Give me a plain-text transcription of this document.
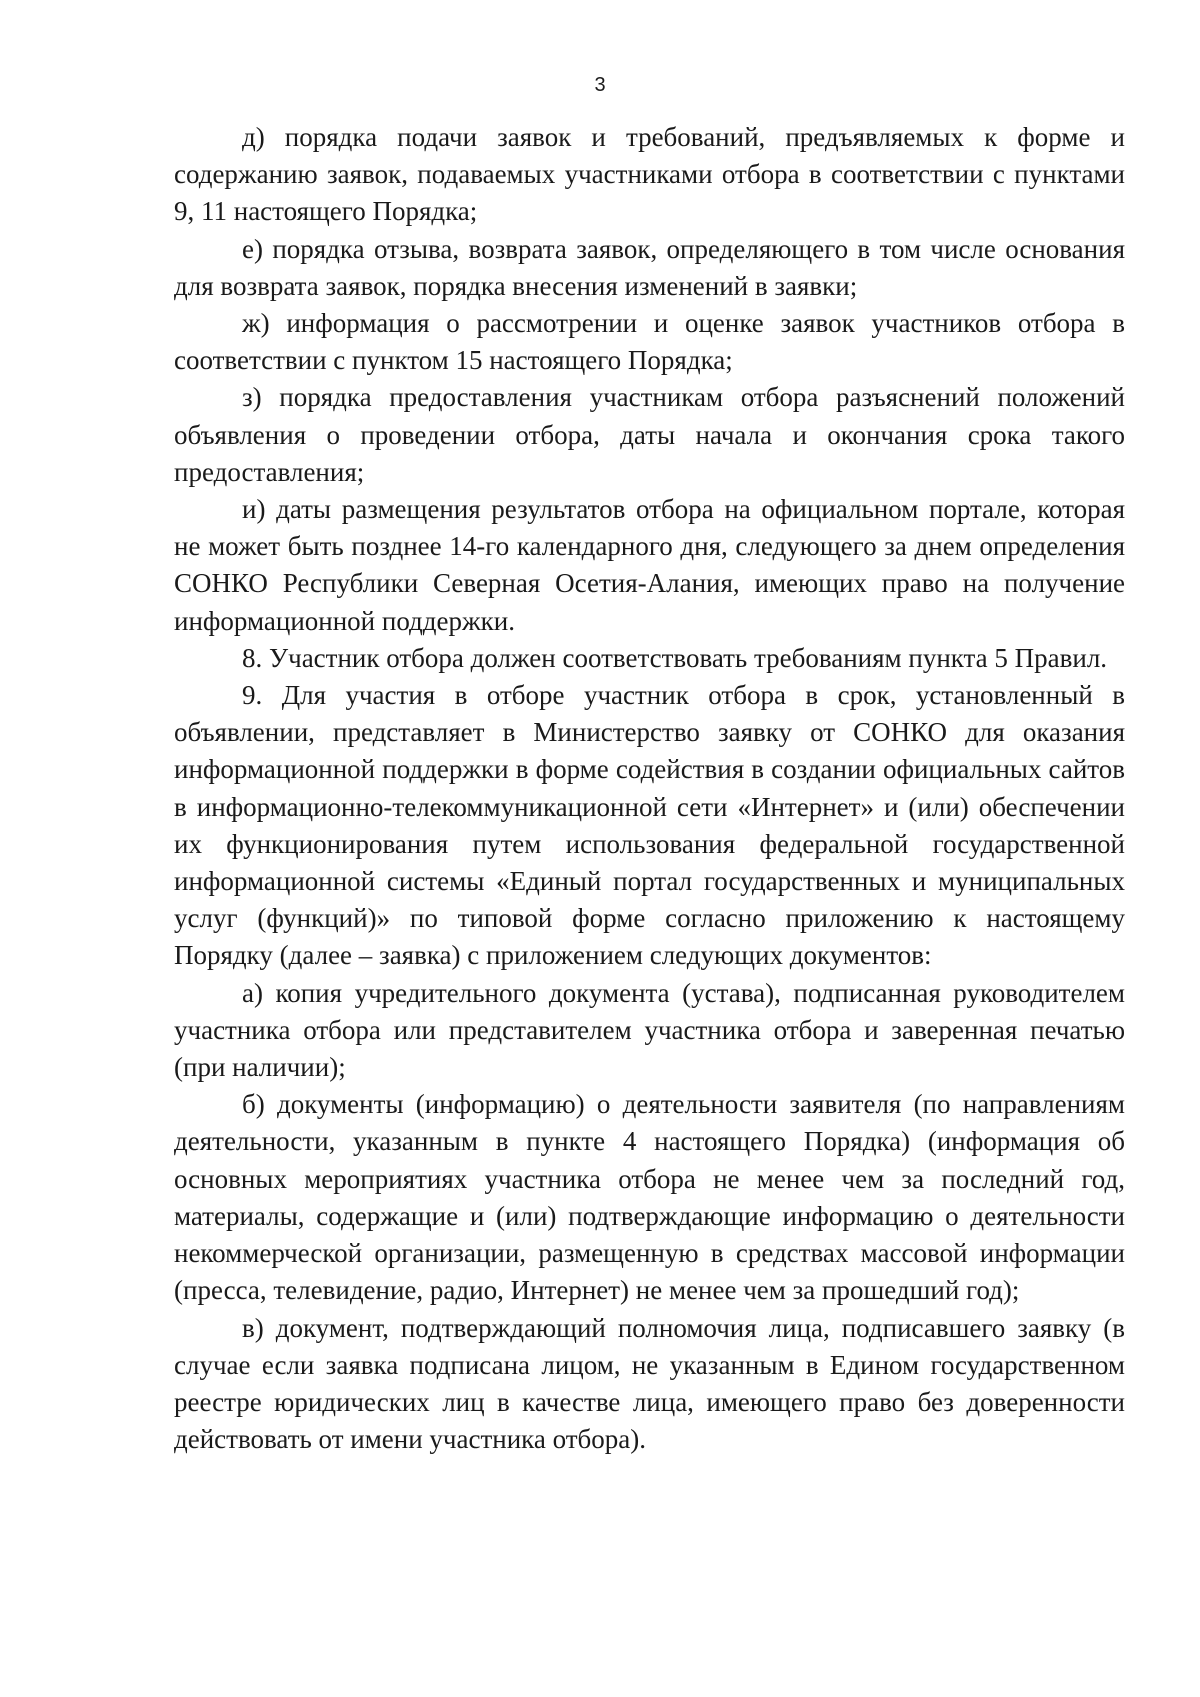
3

д) порядка подачи заявок и требований, предъявляемых к форме и содержанию заявок, подаваемых участниками отбора в соответствии с пунктами 9, 11 настоящего Порядка;

е) порядка отзыва, возврата заявок, определяющего в том числе основания для возврата заявок, порядка внесения изменений в заявки;

ж) информация о рассмотрении и оценке заявок участников отбора в соответствии с пунктом 15 настоящего Порядка;

з) порядка предоставления участникам отбора разъяснений положений объявления о проведении отбора, даты начала и окончания срока такого предоставления;

и) даты размещения результатов отбора на официальном портале, которая не может быть позднее 14-го календарного дня, следующего за днем определения СОНКО Республики Северная Осетия-Алания, имеющих право на получение информационной поддержки.

8. Участник отбора должен соответствовать требованиям пункта 5 Правил.

9. Для участия в отборе участник отбора в срок, установленный в объявлении, представляет в Министерство заявку от СОНКО для оказания информационной поддержки в форме содействия в создании официальных сайтов в информационно-телекоммуникационной сети «Интернет» и (или) обеспечении их функционирования путем использования федеральной государственной информационной системы «Единый портал государственных и муниципальных услуг (функций)» по типовой форме согласно приложению к настоящему Порядку (далее – заявка) с приложением следующих документов:

а) копия учредительного документа (устава), подписанная руководителем участника отбора или представителем участника отбора и заверенная печатью (при наличии);

б) документы (информацию) о деятельности заявителя (по направлениям деятельности, указанным в пункте 4 настоящего Порядка) (информация об основных мероприятиях участника отбора не менее чем за последний год, материалы, содержащие и (или) подтверждающие информацию о деятельности некоммерческой организации, размещенную в средствах массовой информации (пресса, телевидение, радио, Интернет) не менее чем за прошедший год);

в) документ, подтверждающий полномочия лица, подписавшего заявку (в случае если заявка подписана лицом, не указанным в Едином государственном реестре юридических лиц в качестве лица, имеющего право без доверенности действовать от имени участника отбора).
